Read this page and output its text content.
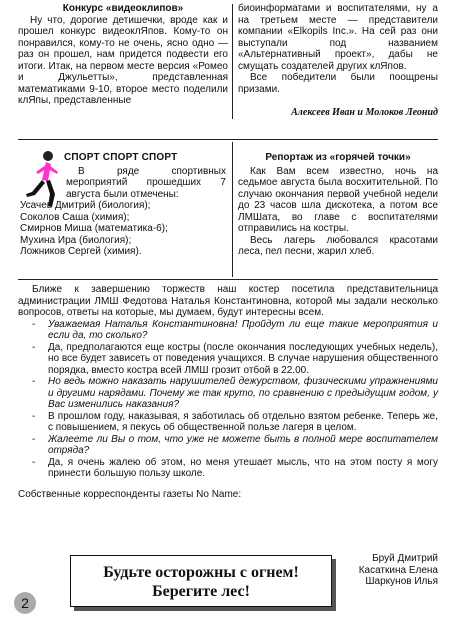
Конкурс «видеоклипов»

Ну что, дорогие детишечки, вроде как и прошел конкурс видеоклЯпов. Кому-то он понравился, кому-то не очень, ясно одно — раз он прошел, нам придется подвести его итоги. Итак, на первом месте версия «Ромео и Джульетты», представленная математиками 9-10, второе место поделили клЯпы, представленные

биоинформатами и воспитателями, ну а на третьем месте — представители компании «Elkopils Inc.». На сей раз они выступали под названием «Альтернативный проект», дабы не смущать создателей других клЯпов.

Все победители были поощрены призами.

Алексеев Иван и Молоков Леонид
СПОРТ СПОРТ СПОРТ
В ряде спортивных мероприятий прошедших 7 августа были отмечены:
Усачев Дмитрий (биология);
Соколов Саша (химия);
Смирнов Миша (математика-6);
Мухина Ира (биология);
Ложников Сергей (химия).
Репортаж из «горячей точки»

Как Вам всем известно, ночь на седьмое августа была восхитительной. По случаю окончания первой учебной недели до 23 часов шла дискотека, а потом все ЛМШата, во главе с воспитателями отправились на костры.

Весь лагерь любовался красотами леса, пел песни, жарил хлеб.

Ближе к завершению торжеств наш костер посетила представительница администрации ЛМШ Федотова Наталья Константиновна, которой мы задали несколько вопросов, ответы на которые, мы думаем, будут интересны всем.
-	Уважаемая Наталья Константиновна! Пройдут ли еще такие мероприятия и если да, то сколько?
-	Да, предполагаются еще костры (после окончания последующих учебных недель), но все будет зависеть от поведения учащихся. В случае нарушения общественного порядка, вместо костра всей ЛМШ грозит отбой в 22.00.
-	Но ведь можно наказать нарушителей дежурством, физическими упражнениями и другими нарядами. Почему же так круто, по сравнению с предыдущим годом, у Вас изменились наказания?
-	В прошлом году, наказывая, я заботилась об отдельно взятом ребенке. Теперь же, с повышением, я пекусь об общественной пользе лагеря в целом.
-	Жалеете ли Вы о том, что уже не можете быть в полной мере воспитателем отряда?
-	Да, я очень жалею об этом, но меня утешает мысль, что на этом посту я могу принести большую пользу школе.
Собственные корреспонденты газеты No Name:
Бруй Дмитрий
Касаткина Елена
Шаркунов Илья
Будьте осторожны с огнем!
Берегите лес!
2
